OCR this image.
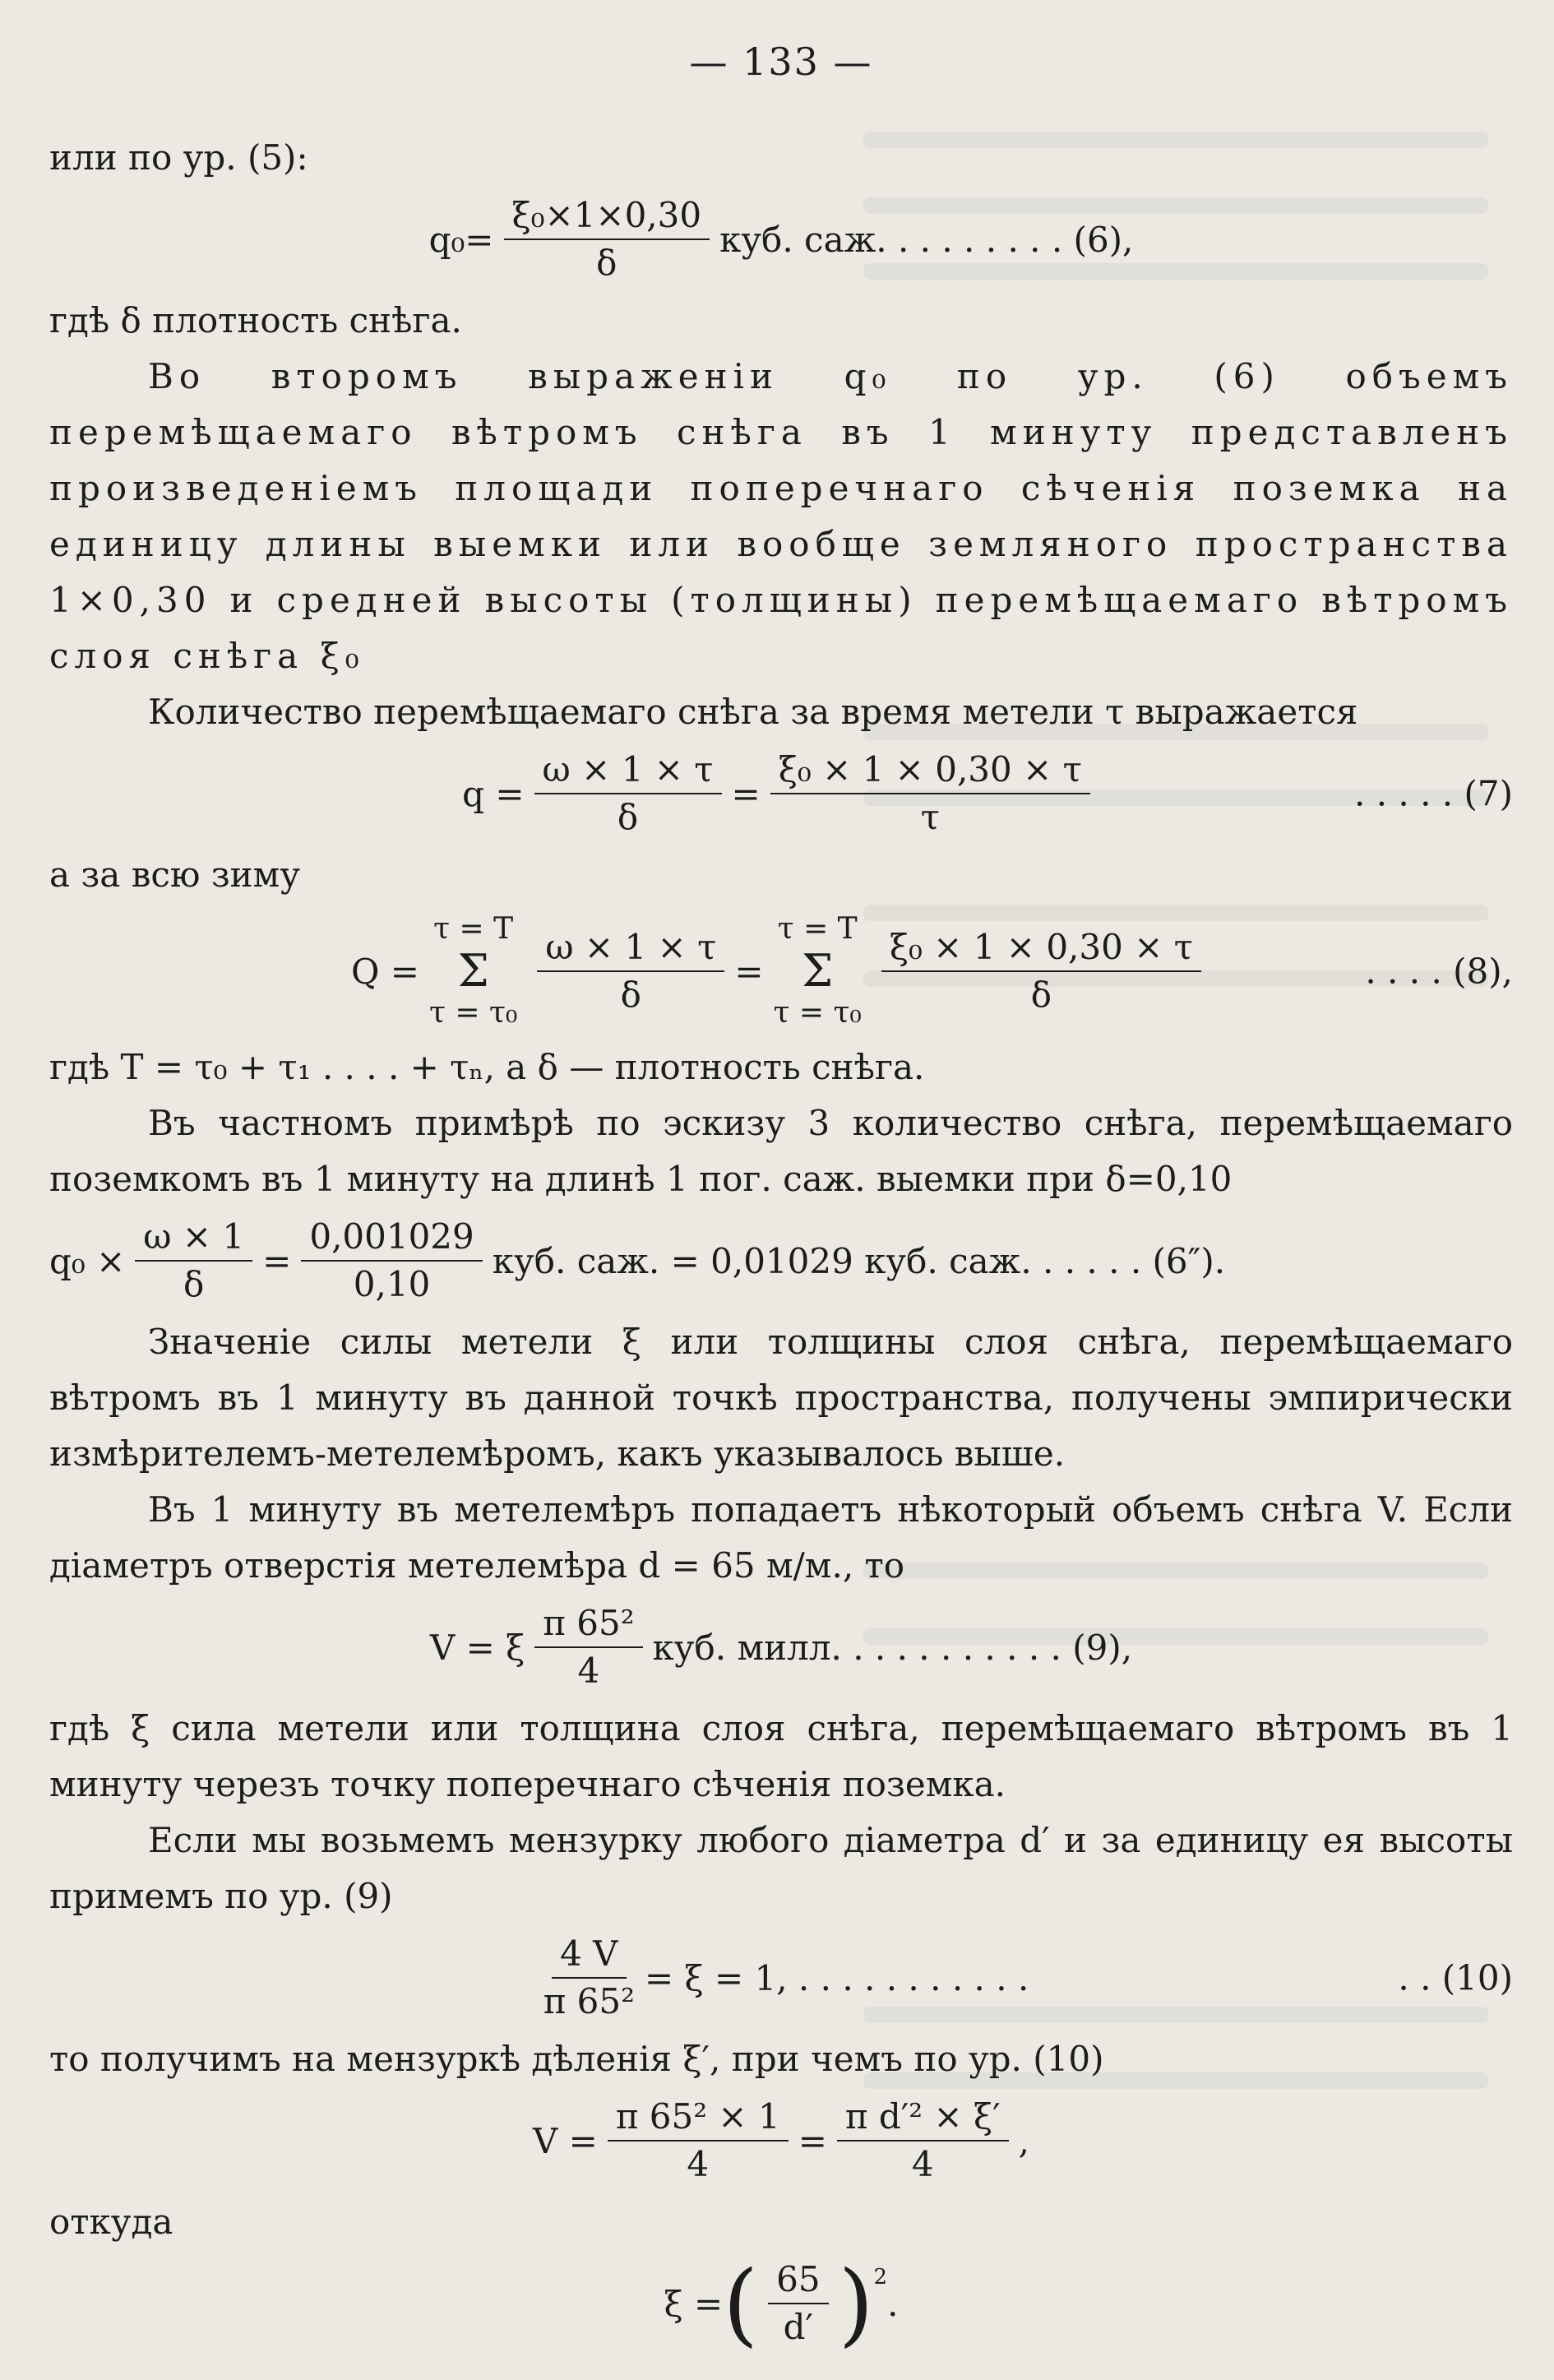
— 133 —

или по ур. (5):

$q_0= \frac{\text{ξ₀×1×0,30}}{\delta}$ куб. саж. . . . . . . . . (6),

гдѣ δ плотность снѣга.

Во второмъ выраженіи q₀ по ур. (6) объемъ перемѣщаемаго вѣтромъ снѣга въ 1 минуту представленъ произведеніемъ площади поперечнаго сѣченія поземка на единицу длины выемки или вообще земляного пространства 1×0,30 и средней высоты (толщины) перемѣщаемаго вѣтромъ слоя снѣга ξ₀

Количество перемѣщаемаго снѣга за время метели τ выражается

$q = \frac{\omega \times 1 \times \tau}{\delta} = \frac{\text{ξ₀ × 1 × 0,30 × τ}}{\tau}$	. . . . . (7)

а за всю зиму

Q =
τ = T
Σ
$\tau = \tau_0 \frac{\omega \times 1 \times \tau}{\delta}$ =
τ = T
Σ
$\tau = \tau_0 \frac{\text{ξ₀ × 1 × 0,30 × τ}}{\delta}$	. . . . (8),

гдѣ T = τ₀ + τ₁ . . . . + τₙ, а δ — плотность снѣга.

Въ частномъ примѣрѣ по эскизу 3 количество снѣга, перемѣщаемаго поземкомъ въ 1 минуту на длинѣ 1 пог. саж. выемки при δ=0,10

$q_0 \times \frac{\omega \times 1}{\delta} = \frac{0,001029}{0,10}$ куб. саж. = 0,01029 куб. саж. . . . . . (6″).

Значеніе силы метели ξ или толщины слоя снѣга, перемѣщаемаго вѣтромъ въ 1 минуту въ данной точкѣ пространства, получены эмпирически измѣрителемъ-метелемѣромъ, какъ указывалось выше.

Въ 1 минуту въ метелемѣръ попадаетъ нѣкоторый объемъ снѣга V. Если діаметръ отверстія метелемѣра d = 65 м/м., то

V = ξ $\frac{\text{π 65²}}{4}$ куб. милл. . . . . . . . . . . (9),

гдѣ ξ сила метели или толщина слоя снѣга, перемѣщаемаго вѣтромъ въ 1 минуту черезъ точку поперечнаго сѣченія поземка.

Если мы возьмемъ мензурку любого діаметра d′ и за единицу ея высоты примемъ по ур. (9)

$\frac{4 V}{\text{π 65²}} = \xi = 1$, . . . . . . . . . . .	. . (10)

то получимъ на мензуркѣ дѣленія ξ′, при чемъ по ур. (10)

$V = \frac{\text{π 65² × 1}}{4} = \frac{\text{π d′² × ξ′}}{4}$ ,

откуда

ξ = ( $\frac{65}{d'} )^2$
.
